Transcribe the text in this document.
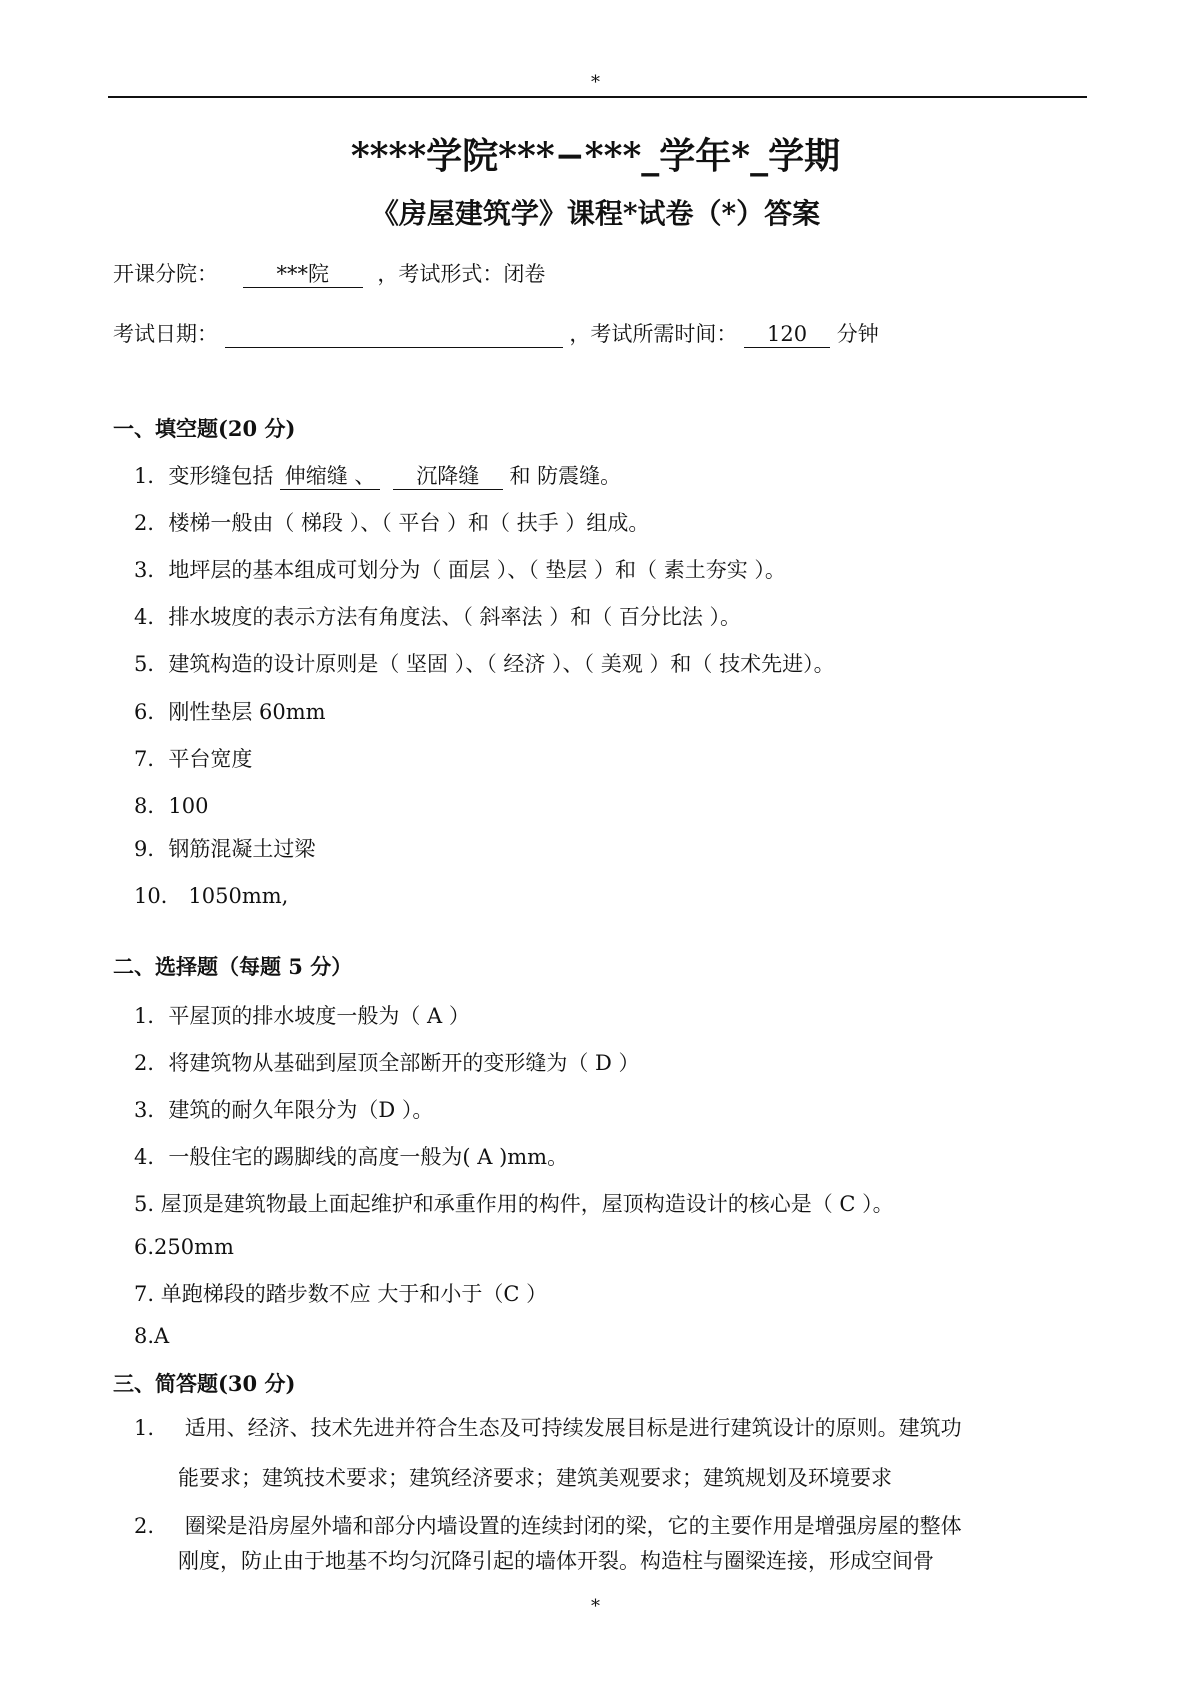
*
****学院***−***_学年*_学期
《房屋建筑学》课程*试卷（*）答案
开课分院：	***院 ，考试形式：闭卷
考试日期：	，考试所需时间： 120 分钟
一、填空题(20 分)
1．变形缝包括 伸缩缝 、 沉降缝 和 防震缝。
2．楼梯一般由（ 梯段 ）、（ 平台 ）和（ 扶手 ）组成。
3．地坪层的基本组成可划分为（ 面层 ）、（ 垫层 ）和（ 素土夯实 ）。
4．排水坡度的表示方法有角度法、（ 斜率法 ）和（ 百分比法 ）。
5．建筑构造的设计原则是（ 坚固 ）、（ 经济 ）、（ 美观 ）和（ 技术先进）。
6．刚性垫层 60mm
7．平台宽度
8．100
9．钢筋混凝土过梁
10． 1050mm,
二、选择题（每题 5 分）
1．平屋顶的排水坡度一般为（ A ）
2．将建筑物从基础到屋顶全部断开的变形缝为（ D ）
3．建筑的耐久年限分为（D ）。
4．一般住宅的踢脚线的高度一般为( A )mm。
5. 屋顶是建筑物最上面起维护和承重作用的构件，屋顶构造设计的核心是（ C ）。
6.250mm
7. 单跑梯段的踏步数不应 大于和小于（C ）
8.A
三、简答题(30 分)
1. 适用、经济、技术先进并符合生态及可持续发展目标是进行建筑设计的原则。建筑功
能要求；建筑技术要求；建筑经济要求；建筑美观要求；建筑规划及环境要求
2. 圈梁是沿房屋外墙和部分内墙设置的连续封闭的梁，它的主要作用是增强房屋的整体
刚度，防止由于地基不均匀沉降引起的墙体开裂。构造柱与圈梁连接，形成空间骨
*
